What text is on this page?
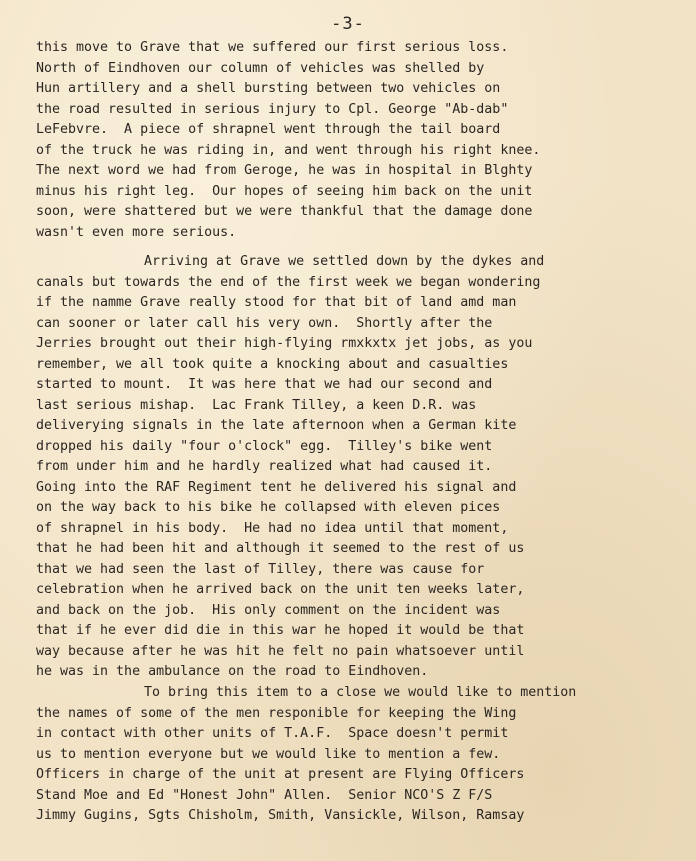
-3-
this move to Grave that we suffered our first serious loss.
North of Eindhoven our column of vehicles was shelled by
Hun artillery and a shell bursting between two vehicles on
the road resulted in serious injury to Cpl. George "Ab-dab"
LeFebvre.  A piece of shrapnel went through the tail board
of the truck he was riding in, and went through his right knee.
The next word we had from Geroge, he was in hospital in Blghty
minus his right leg.  Our hopes of seeing him back on the unit
soon, were shattered but we were thankful that the damage done
wasn't even more serious.
Arriving at Grave we settled down by the dykes and
canals but towards the end of the first week we began wondering
if the namme Grave really stood for that bit of land amd man
can sooner or later call his very own.  Shortly after the
Jerries brought out their high-flying rmxkxtx jet jobs, as you
remember, we all took quite a knocking about and casualties
started to mount.  It was here that we had our second and
last serious mishap.  Lac Frank Tilley, a keen D.R. was
deliverying signals in the late afternoon when a German kite
dropped his daily "four o'clock" egg.  Tilley's bike went
from under him and he hardly realized what had caused it.
Going into the RAF Regiment tent he delivered his signal and
on the way back to his bike he collapsed with eleven pices
of shrapnel in his body.  He had no idea until that moment,
that he had been hit and although it seemed to the rest of us
that we had seen the last of Tilley, there was cause for
celebration when he arrived back on the unit ten weeks later,
and back on the job.  His only comment on the incident was
that if he ever did die in this war he hoped it would be that
way because after he was hit he felt no pain whatsoever until
he was in the ambulance on the road to Eindhoven.
To bring this item to a close we would like to mention
the names of some of the men responible for keeping the Wing
in contact with other units of T.A.F.  Space doesn't permit
us to mention everyone but we would like to mention a few.
Officers in charge of the unit at present are Flying Officers
Stand Moe and Ed "Honest John" Allen.  Senior NCO'S Z F/S
Jimmy Gugins, Sgts Chisholm, Smith, Vansickle, Wilson, Ramsay
